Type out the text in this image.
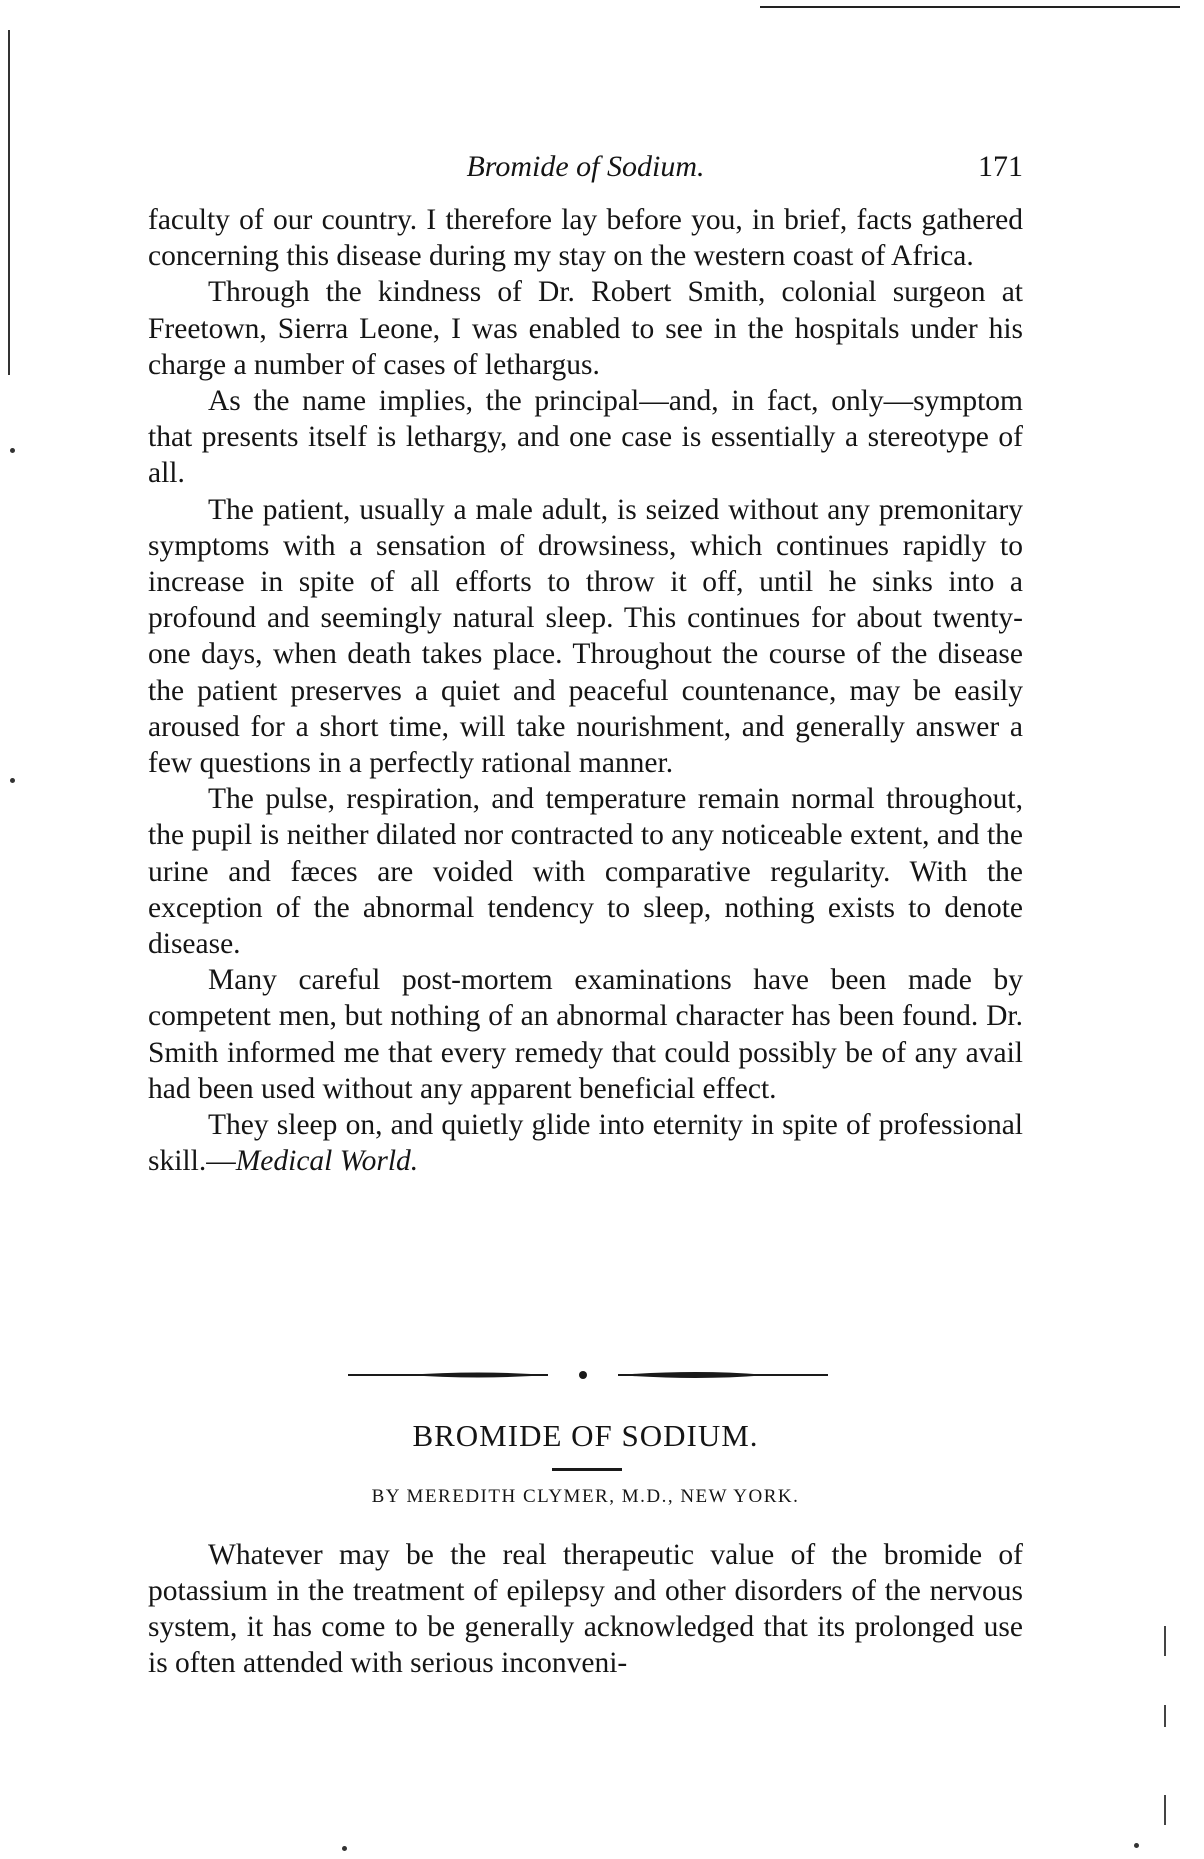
Bromide of Sodium.	171

faculty of our country. I therefore lay before you, in brief, facts gathered concerning this disease during my stay on the western coast of Africa.

Through the kindness of Dr. Robert Smith, colonial surgeon at Freetown, Sierra Leone, I was enabled to see in the hospitals under his charge a number of cases of lethargus.

As the name implies, the principal—and, in fact, only—symptom that presents itself is lethargy, and one case is essentially a stereotype of all.

The patient, usually a male adult, is seized without any premonitary symptoms with a sensation of drowsiness, which continues rapidly to increase in spite of all efforts to throw it off, until he sinks into a profound and seemingly natural sleep. This continues for about twenty-one days, when death takes place. Throughout the course of the disease the patient preserves a quiet and peaceful countenance, may be easily aroused for a short time, will take nourishment, and generally answer a few questions in a perfectly rational manner.

The pulse, respiration, and temperature remain normal throughout, the pupil is neither dilated nor contracted to any noticeable extent, and the urine and fæces are voided with comparative regularity. With the exception of the abnormal tendency to sleep, nothing exists to denote disease.

Many careful post-mortem examinations have been made by competent men, but nothing of an abnormal character has been found. Dr. Smith informed me that every remedy that could possibly be of any avail had been used without any apparent beneficial effect.

They sleep on, and quietly glide into eternity in spite of professional skill.—Medical World.

BROMIDE OF SODIUM.
BY MEREDITH CLYMER, M.D., NEW YORK.

Whatever may be the real therapeutic value of the bromide of potassium in the treatment of epilepsy and other disorders of the nervous system, it has come to be generally acknowledged that its prolonged use is often attended with serious inconveni-
